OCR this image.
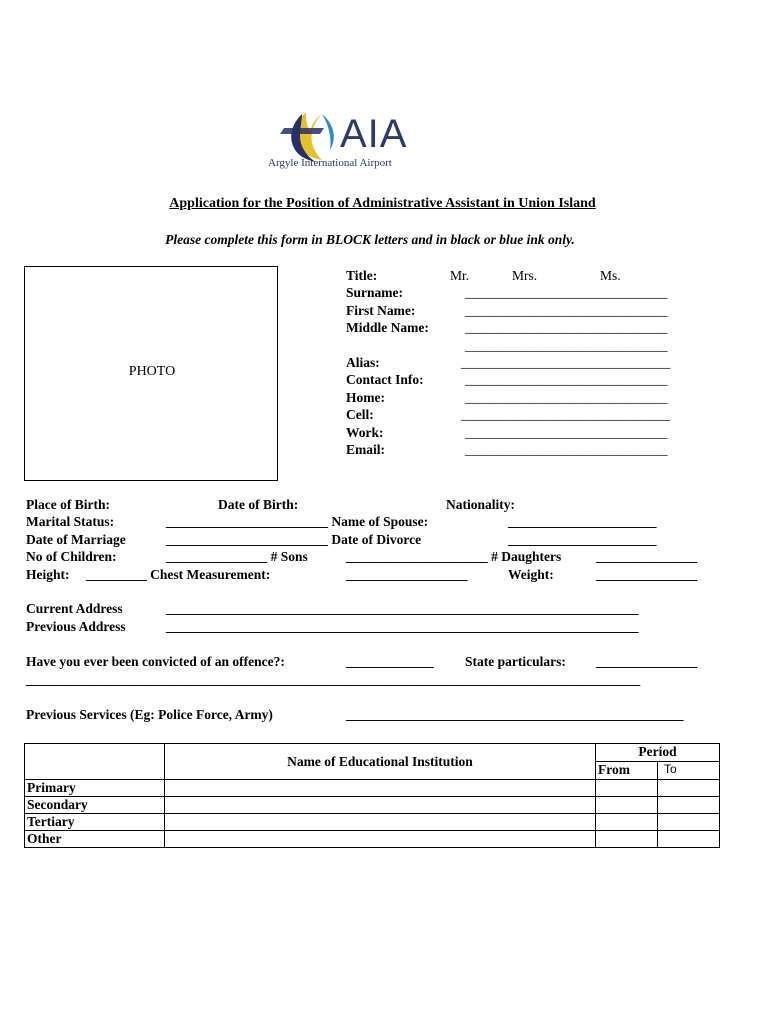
AIA
Argyle International Airport
Application for the Position of Administrative Assistant in Union Island
Please complete this form in BLOCK letters and in black or blue ink only.
PHOTO
Title:	Mr.	Mrs.	Ms.
Surname:	______________________________
First Name:	______________________________
Middle Name:	______________________________
______________________________
Alias:	_______________________________
Contact Info:	______________________________
Home:	______________________________
Cell:	_______________________________
Work:	______________________________
Email:	______________________________
Place of Birth:	Date of Birth:	Nationality:
Marital Status:	________________________ Name of Spouse:	______________________
Date of Marriage	________________________ Date of Divorce	______________________
No of Children:	_______________ # Sons	_____________________ # Daughters	_______________
Height: _________ Chest Measurement:	__________________	Weight:	_______________
Current Address	______________________________________________________________________
Previous Address	______________________________________________________________________
Have you ever been convicted of an offence?:	_____________ State particulars: _______________
___________________________________________________________________________________________
Previous Services (Eg: Police Force, Army)	__________________________________________________
	Name of Educational Institution	Period	
		From	To
Primary			
Secondary			
Tertiary			
Other			
